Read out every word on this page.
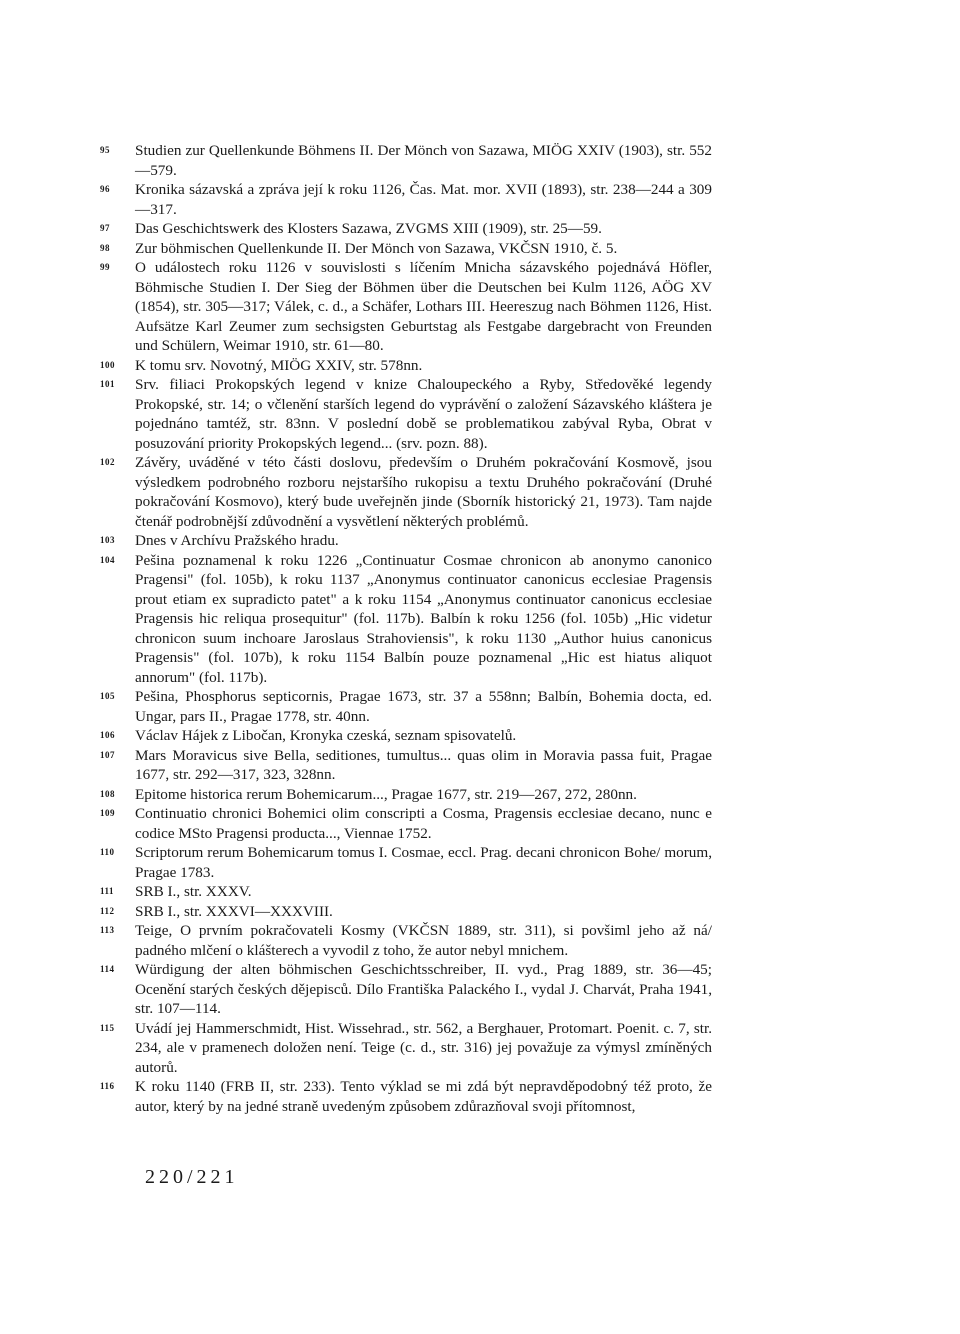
95 Studien zur Quellenkunde Böhmens II. Der Mönch von Sazawa, MIÖG XXIV (1903), str. 552—579.
96 Kronika sázavská a zpráva její k roku 1126, Čas. Mat. mor. XVII (1893), str. 238—244 a 309—317.
97 Das Geschichtswerk des Klosters Sazawa, ZVGMS XIII (1909), str. 25—59.
98 Zur böhmischen Quellenkunde II. Der Mönch von Sazawa, VKČSN 1910, č. 5.
99 O událostech roku 1126 v souvislosti s líčením Mnicha sázavského pojednává Höfler, Böhmische Studien I. Der Sieg der Böhmen über die Deutschen bei Kulm 1126, AÖG XV (1854), str. 305—317; Válek, c. d., a Schäfer, Lothars III. Heereszug nach Böhmen 1126, Hist. Aufsätze Karl Zeumer zum sechsigsten Geburtstag als Festgabe dargebracht von Freunden und Schülern, Weimar 1910, str. 61—80.
100 K tomu srv. Novotný, MIÖG XXIV, str. 578nn.
101 Srv. filiaci Prokopských legend v knize Chaloupeckého a Ryby, Středověké legendy Prokopské, str. 14; o včlenění starších legend do vyprávění o založení Sázavského kláštera je pojednáno tamtéž, str. 83nn. V poslední době se problematikou zabýval Ryba, Obrat v posuzování priority Prokopských legend... (srv. pozn. 88).
102 Závěry, uváděné v této části doslovu, především o Druhém pokračování Kosmově, jsou výsledkem podrobného rozboru nejstaršího rukopisu a textu Druhého pokračování (Druhé pokračování Kosmovo), který bude uveřejněn jinde (Sborník historický 21, 1973). Tam najde čtenář podrobnější zdůvodnění a vysvětlení některých problémů.
103 Dnes v Archívu Pražského hradu.
104 Pešina poznamenal k roku 1226 „Continuatur Cosmae chronicon ab anonymo canonico Pragensi" (fol. 105b), k roku 1137 „Anonymus continuator canonicus ecclesiae Pragensis prout etiam ex supradicto patet" a k roku 1154 „Anonymus continuator canonicus ecclesiae Pragensis hic reliqua prosequitur" (fol. 117b). Balbín k roku 1256 (fol. 105b) „Hic videtur chronicon suum inchoare Jaroslaus Strahoviensis", k roku 1130 „Author huius canonicus Pragensis" (fol. 107b), k roku 1154 Balbín pouze poznamenal „Hic est hiatus aliquot annorum" (fol. 117b).
105 Pešina, Phosphorus septicornis, Pragae 1673, str. 37 a 558nn; Balbín, Bohemia docta, ed. Ungar, pars II., Pragae 1778, str. 40nn.
106 Václav Hájek z Libočan, Kronyka czeská, seznam spisovatelů.
107 Mars Moravicus sive Bella, seditiones, tumultus... quas olim in Moravia passa fuit, Pragae 1677, str. 292—317, 323, 328nn.
108 Epitome historica rerum Bohemicarum..., Pragae 1677, str. 219—267, 272, 280nn.
109 Continuatio chronici Bohemici olim conscripti a Cosma, Pragensis ecclesiae decano, nunc e codice MSto Pragensi producta..., Viennae 1752.
110 Scriptorum rerum Bohemicarum tomus I. Cosmae, eccl. Prag. decani chronicon Bohe/ morum, Pragae 1783.
111 SRB I., str. XXXV.
112 SRB I., str. XXXVI—XXXVIII.
113 Teige, O prvním pokračovateli Kosmy (VKČSN 1889, str. 311), si povšiml jeho až ná/ padného mlčení o klášterech a vyvodil z toho, že autor nebyl mnichem.
114 Würdigung der alten böhmischen Geschichtsschreiber, II. vyd., Prag 1889, str. 36—45; Ocenění starých českých dějepisců. Dílo Františka Palackého I., vydal J. Charvát, Praha 1941, str. 107—114.
115 Uvádí jej Hammerschmidt, Hist. Wissehrad., str. 562, a Berghauer, Protomart. Poenit. c. 7, str. 234, ale v pramenech doložen není. Teige (c. d., str. 316) jej považuje za výmysl zmíněných autorů.
116 K roku 1140 (FRB II, str. 233). Tento výklad se mi zdá být nepravděpodobný též proto, že autor, který by na jedné straně uvedeným způsobem zdůrazňoval svoji přítomnost,
220/221
